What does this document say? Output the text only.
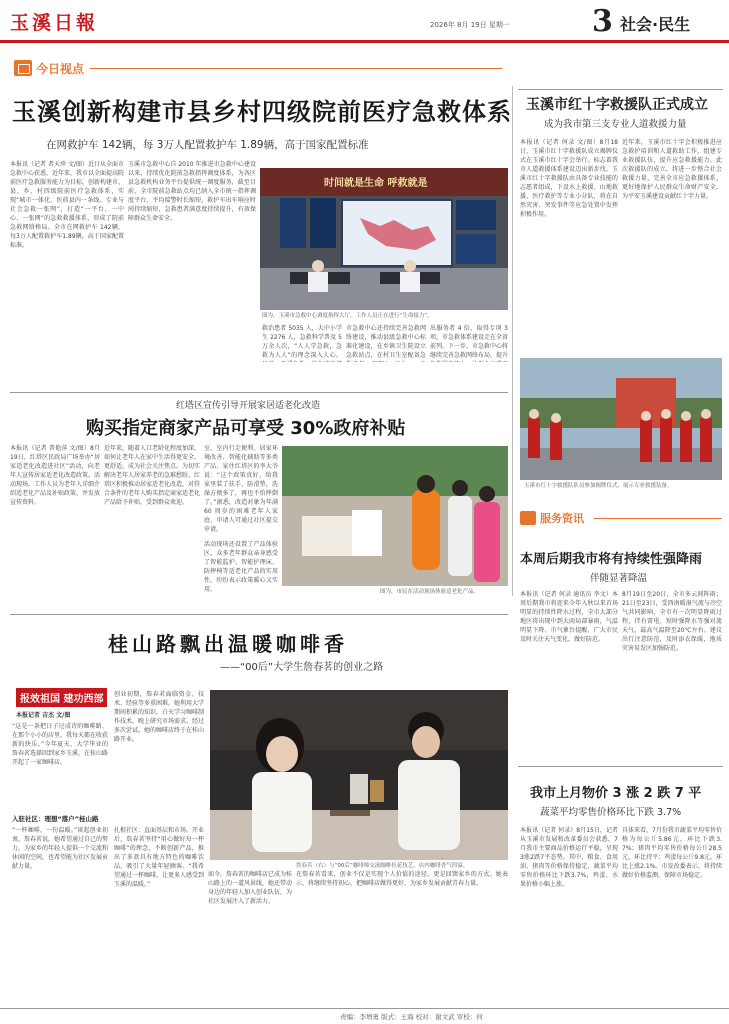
玉溪日報	2026年 8月 19日 星期一	3 社会·民生
今日视点
玉溪创新构建市县乡村四级院前医疗急救体系
在网救护车 142辆，每 3万人配置救护车 1.89辆，高于国家配置标准
本报讯（记者 者天珍 文/图）近日从全面市急救中心获悉，近年来，我市以全面提高院前医疗急救服务能力为目标，创新构建市、县、乡、村四级院前医疗急救体系，实现“城市一体化、医前县内一条线、专业与社会急救一张网”，打造“一平台、一中心、一张网”的急救救援体系，形成了院前急救网络格局。全市在网救护车 142辆，每3万人配置救护车1.89辆，高于国家配置标准。
玉溪市急救中心自 2010 年推进市急救中心建设以来，持续优化院前急救指挥调度体系，为各区县急救机构业务平台提供统一调度服务，截至目前，全市院前急救站点均已纳入全市统一指挥调度平台，平均接警时长缩短，救护车出车响应时间持续缩短，急救患者满意度持续提升，有效保障群众生命安全。
救治患者 5035 人，大中小学生 2276 人，急救科学普及 5 万余人次，“人人学急救，急救为人人”的理念深入人心。
市急救中心还持续完善急救网络建设，推动县级急救中心标准化建设，在乡镇卫生院设立急救站点，在村卫生室配备急
出服务者 4 倍，取得专项 3 项，市急救体系建设走在全省前列。下一步，市急救中心将继续完善急救网络布局，提升
时间就是生命 呼救就是
图为，玉溪市急救中心调度指挥大厅，工作人员正在进行“生命接力”。
玉溪市红十字救援队正式成立
成为我市第三支专业人道救援力量
本报讯（记者 何录 文/图）8月18日，玉溪市红十字救援队成立揭牌仪式在玉溪市红十字会举行。标志着我市人道救援体系建设迈出新步伐。玉溪市红十字救援队由具备专业技能的志愿者组成，下设水上救援、山地救援、医疗救护等专业小分队，将在自然灾害、突发事件等应急处置中发挥积极作用。
近年来，玉溪市红十字会积极推进应急救护培训和人道救助工作，组建专业救援队伍，提升应急救援能力。此次救援队的成立，将进一步整合社会救援力量，完善全市应急救援体系，更好地保护人民群众生命财产安全，为平安玉溪建设贡献红十字力量。
玉溪市红十字救援队队员参加揭牌仪式，展示专业救援装备。
红塔区宣传引导开展家居适老化改造
购买指定商家产品可享受 30%政府补贴
本报讯（记者 普艳萍 文/图）8月19日，红塔区民政局广场举办“居家适老化改造进社区”活动，向老年人宣传居家适老化改造政策。活动现场，工作人员为老年人详细介绍适老化产品及补贴政策，并发放宣传资料。
近年来，随着人口老龄化程度加深，如何让老年人在家中生活得更安全、更舒适，成为社会关注焦点。为切实解决老年人居家养老的急难愁盼，红塔区积极推动居家适老化改造，对符合条件的老年人购买指定商家适老化产品给予补贴，受到群众欢迎。
室、室内行走便利、居家环境改善、智能化辅助等多类产品。家住红塔区的李大爷说：“这个政策真好，给我家里装了扶手、防滑垫，洗澡方便多了，再也不怕摔倒了。”据悉，改造对象为年满 60 周岁的困难老年人家庭，申请人可通过社区提交申请。
活动现场还设置了产品体验区，众多老年群众亲身感受了智能监护、智能护理床、防摔椅等适老化产品的实用性，纷纷表示政策暖心又实用。	图为，市民在活动现场体验适老化产品。
服务资讯
本周后期我市将有持续性强降雨
伴随显著降温
本报讯（记者 何录 通讯员 李文）本周后期我市将迎来今年入秋以来首场明显的持续性降水过程，全市大部分地区将出现中到大雨局部暴雨，气温明显下降。市气象台提醒，广大市民及时关注天气变化，做好防范。
8月19日至20日，全市多云间阵雨；21日至23日，受西南暖湿气流与冷空气共同影响，全市有一次明显降雨过程，伴有雷电、短时强降水等强对流天气，最高气温降至20℃左右。建议出行注意防范，及时添衣保暖，地质灾害易发区加强防范。
桂山路飘出温暖咖啡香
——“00后”大学生詹春茗的创业之路
报效祖国 建功西部
本报记者 吉杰 文/图
“这是一条把日子过成诗的咖啡路，在那个小小的店里，我每天都在收获新的快乐。”今年夏天，大学毕业的詹春茗选择回到家乡玉溪，在桂山路开起了一家咖啡店。
入驻社区：理想“落户”桂山路
“一杯咖啡，一份温暖。”谈起创业初衷，詹春茗说，她希望通过自己的努力，为家乡的年轻人提供一个交流和休闲的空间，也希望能为社区发展贡献力量。
创业初期，詹春茗面临资金、技术、经验等多重困难。她利用大学期间积累的知识，白天学习咖啡制作技术，晚上研究市场需求。经过多次尝试，她的咖啡店终于在桂山路开业。
扎根社区：直面基层和市场。开业后，詹春茗坚持“用心做好每一杯咖啡”的理念，不断创新产品，推出了多款具有地方特色的咖啡饮品，吸引了大量年轻顾客。“我希望通过一杯咖啡，让更多人感受到玉溪的温暖。”
如今，詹春茗的咖啡店已成为桂山路上的一道风景线，她还带动身边的年轻人加入创业队伍，为社区发展注入了新活力。
在詹春茗看来，创业不仅是实现个人价值的途径，更是回馈家乡的方式。她表示，将继续坚持初心，把咖啡店做得更好，为家乡发展贡献青春力量。
詹春茗（右）与“00后”咖啡师交流咖啡拉花技艺，店内咖啡香气四溢。
我市上月物价 3 涨 2 跌 7 平
蔬菜平均零售价格环比下跌 3.7%
本报讯（记者 何录）8月15日，记者从玉溪市发展和改革委员会获悉，7月我市主要商品价格运行平稳，呈现3涨2跌7平态势。其中，粮食、食用油、猪肉等价格保持稳定，蔬菜平均零售价格环比下跌3.7%，鸡蛋、水果价格小幅上涨。
具体来看，7月份我市蔬菜平均零售价格为每公斤5.86元，环比下跌3.7%；猪肉平均零售价格每公斤28.5元，环比持平；鸡蛋每公斤9.8元，环比上涨2.1%。市发改委表示，将持续做好价格监测，保障市场稳定。
责编：李增勇 版式：王海 校对：谢文武 审校：何
